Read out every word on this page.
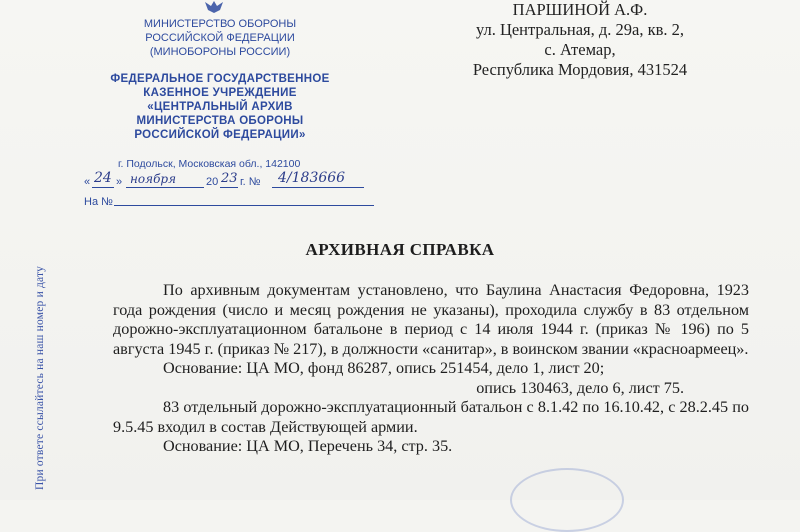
При ответе ссылайтесь на наш номер и дату
МИНИСТЕРСТВО ОБОРОНЫ
РОССИЙСКОЙ ФЕДЕРАЦИИ
(МИНОБОРОНЫ РОССИИ)
ФЕДЕРАЛЬНОЕ ГОСУДАРСТВЕННОЕ
КАЗЕННОЕ УЧРЕЖДЕНИЕ
«ЦЕНТРАЛЬНЫЙ АРХИВ
МИНИСТЕРСТВА ОБОРОНЫ
РОССИЙСКОЙ ФЕДЕРАЦИИ»
г. Подольск, Московская обл., 142100
« 24 » ноября	20 23 г. № 4/183666
На №
ПАРШИНОЙ А.Ф.
ул. Центральная, д. 29а, кв. 2,
с. Атемар,
Республика Мордовия, 431524
АРХИВНАЯ СПРАВКА
По архивным документам установлено, что Баулина Анастасия Федоровна, 1923 года рождения (число и месяц рождения не указаны), проходила службу в 83 отдельном дорожно-эксплуатационном батальоне в период с 14 июля 1944 г. (приказ № 196) по 5 августа 1945 г. (приказ № 217), в должности «санитар», в воинском звании «красноармеец».
Основание: ЦА МО, фонд 86287, опись 251454, дело 1, лист 20;
опись 130463, дело 6, лист 75.
83 отдельный дорожно-эксплуатационный батальон с 8.1.42 по 16.10.42, с 28.2.45 по 9.5.45 входил в состав Действующей армии.
Основание: ЦА МО, Перечень 34, стр. 35.
